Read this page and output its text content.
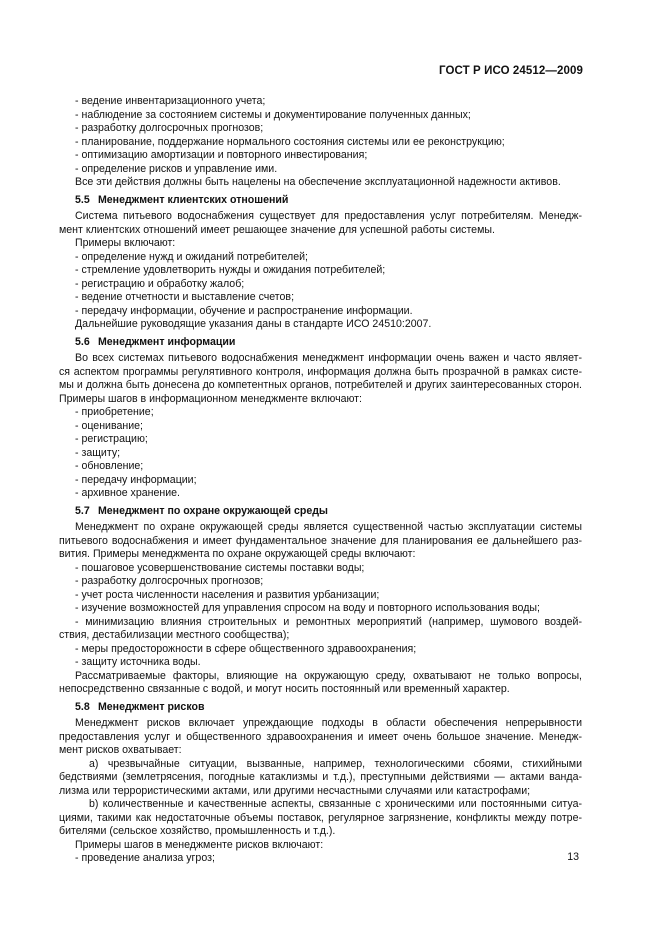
ГОСТ Р ИСО 24512—2009
- ведение инвентаризационного учета;
- наблюдение за состоянием системы и документирование полученных данных;
- разработку долгосрочных прогнозов;
- планирование, поддержание нормального состояния системы или ее реконструкцию;
- оптимизацию амортизации и повторного инвестирования;
- определение рисков и управление ими.
Все эти действия должны быть нацелены на обеспечение эксплуатационной надежности активов.
5.5 Менеджмент клиентских отношений
Система питьевого водоснабжения существует для предоставления услуг потребителям. Менедж-
мент клиентских отношений имеет решающее значение для успешной работы системы.
Примеры включают:
- определение нужд и ожиданий потребителей;
- стремление удовлетворить нужды и ожидания потребителей;
- регистрацию и обработку жалоб;
- ведение отчетности и выставление счетов;
- передачу информации, обучение и распространение информации.
Дальнейшие руководящие указания даны в стандарте ИСО 24510:2007.
5.6 Менеджмент информации
Во всех системах питьевого водоснабжения менеджмент информации очень важен и часто являет-
ся аспектом программы регулятивного контроля, информация должна быть прозрачной в рамках систе-
мы и должна быть донесена до компетентных органов, потребителей и других заинтересованных сторон.
Примеры шагов в информационном менеджменте включают:
- приобретение;
- оценивание;
- регистрацию;
- защиту;
- обновление;
- передачу информации;
- архивное хранение.
5.7 Менеджмент по охране окружающей среды
Менеджмент по охране окружающей среды является существенной частью эксплуатации системы
питьевого водоснабжения и имеет фундаментальное значение для планирования ее дальнейшего раз-
вития. Примеры менеджмента по охране окружающей среды включают:
- пошаговое усовершенствование системы поставки воды;
- разработку долгосрочных прогнозов;
- учет роста численности населения и развития урбанизации;
- изучение возможностей для управления спросом на воду и повторного использования воды;
- минимизацию влияния строительных и ремонтных мероприятий (например, шумового воздей-
ствия, дестабилизации местного сообщества);
- меры предосторожности в сфере общественного здравоохранения;
- защиту источника воды.
Рассматриваемые факторы, влияющие на окружающую среду, охватывают не только вопросы,
непосредственно связанные с водой, и могут носить постоянный или временный характер.
5.8 Менеджмент рисков
Менеджмент рисков включает упреждающие подходы в области обеспечения непрерывности
предоставления услуг и общественного здравоохранения и имеет очень большое значение. Менедж-
мент рисков охватывает:
a) чрезвычайные ситуации, вызванные, например, технологическими сбоями, стихийными
бедствиями (землетрясения, погодные катаклизмы и т.д.), преступными действиями — актами ванда-
лизма или террористическими актами, или другими несчастными случаями или катастрофами;
b) количественные и качественные аспекты, связанные с хроническими или постоянными ситуа-
циями, такими как недостаточные объемы поставок, регулярное загрязнение, конфликты между потре-
бителями (сельское хозяйство, промышленность и т.д.).
Примеры шагов в менеджменте рисков включают:
- проведение анализа угроз;	13
